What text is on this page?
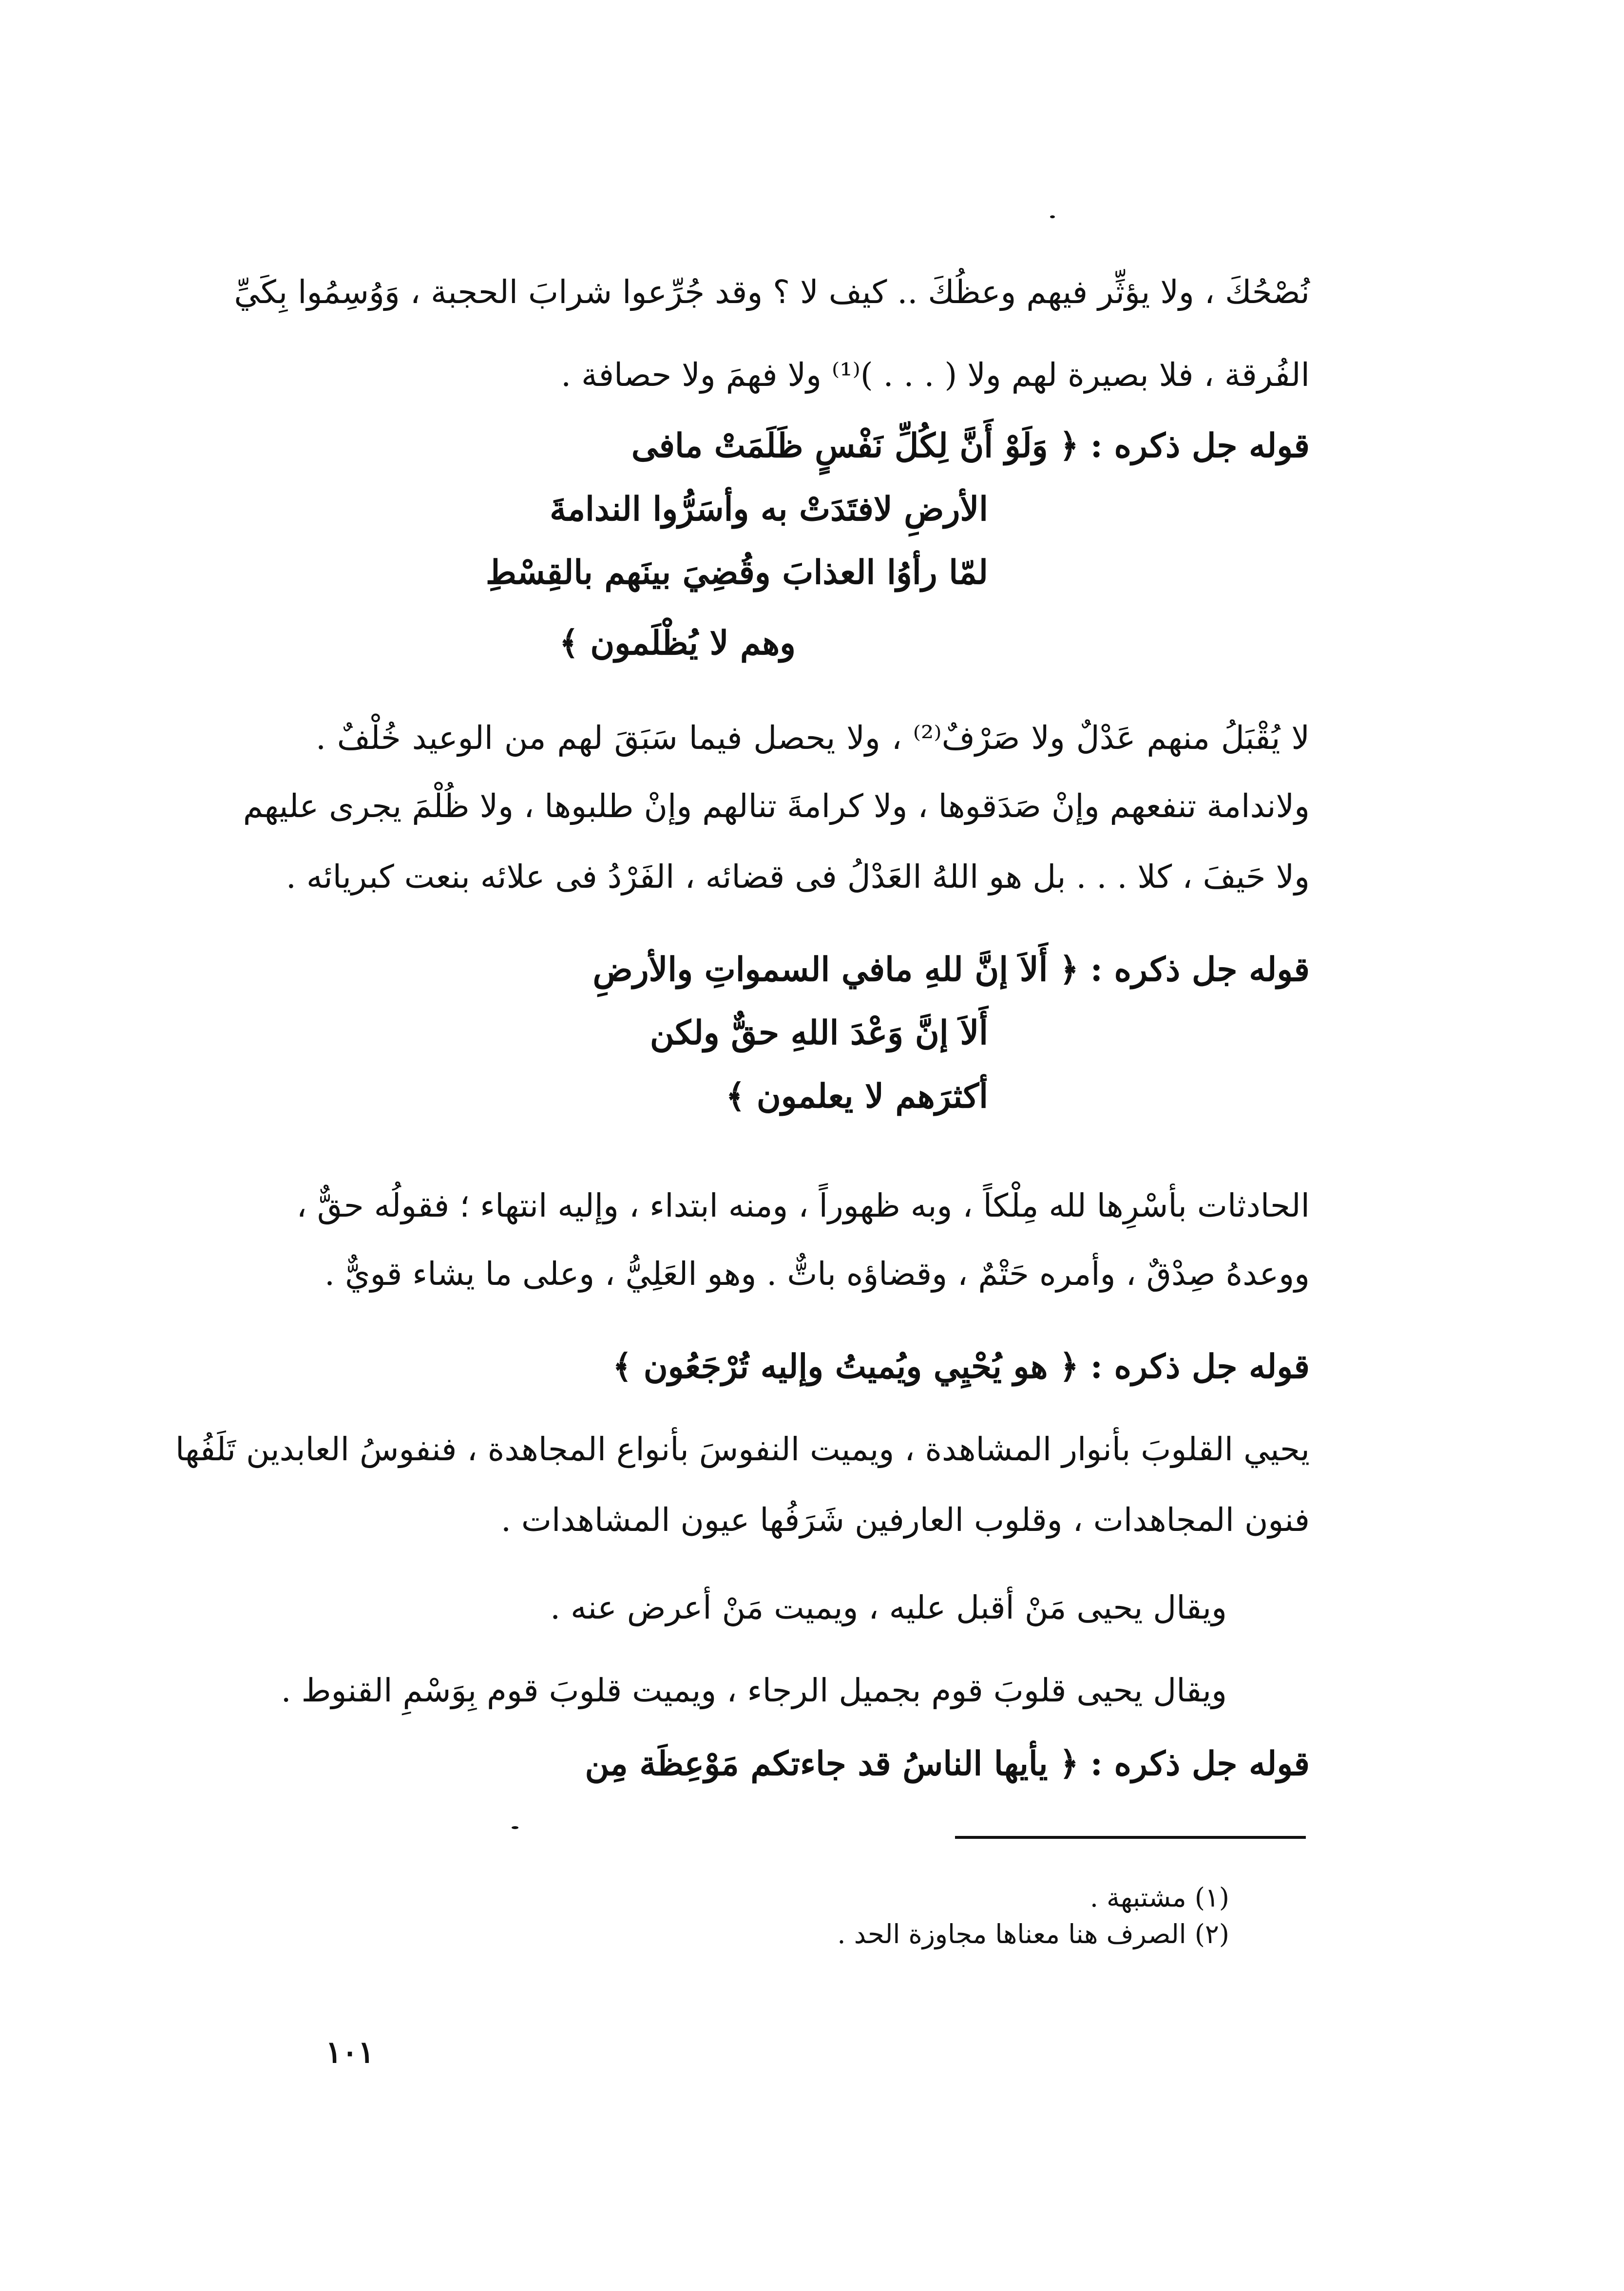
نُصْحُكَ ، ولا يؤثِّر فيهم وعظُكَ .. كيف لا ؟ وقد جُرِّعوا شرابَ الحجبة ، وَوُسِمُوا بِكَيِّ
الفُرقة ، فلا بصيرة لهم ولا ( . . . )⁽¹⁾ ولا فهمَ ولا حصافة .
قوله جل ذكره : ﴿ وَلَوْ أَنَّ لِكُلِّ نَفْسٍ ظَلَمَتْ مافى
الأرضِ لافتَدَتْ به وأسَرُّوا الندامةَ
لمّا رأوُا العذابَ وقُضِيَ بينَهم بالقِسْطِ
وهم لا يُظْلَمون ﴾
لا يُقْبَلُ منهم عَدْلٌ ولا صَرْفٌ⁽²⁾ ، ولا يحصل فيما سَبَقَ لهم من الوعيد خُلْفٌ .
ولاندامة تنفعهم وإنْ صَدَقوها ، ولا كرامةَ تنالهم وإنْ طلبوها ، ولا ظُلْمَ يجرى عليهم
ولا حَيفَ ، كلا . . . بل هو اللهُ العَدْلُ فى قضائه ، الفَرْدُ فى علائه بنعت كبريائه .
قوله جل ذكره : ﴿ أَلاَ إنَّ للهِ مافي السمواتِ والأرضِ
أَلاَ إنَّ وَعْدَ اللهِ حقٌّ ولكن
أكثرَهم لا يعلمون ﴾
الحادثات بأسْرِها لله مِلْكاً ، وبه ظهوراً ، ومنه ابتداء ، وإليه انتهاء ؛ فقولُه حقٌّ ،
ووعدهُ صِدْقٌ ، وأمره حَتْمٌ ، وقضاؤه باتٌّ . وهو العَلِيُّ ، وعلى ما يشاء قويٌّ .
قوله جل ذكره : ﴿ هو يُحْيِي ويُميتُ وإليه تُرْجَعُون ﴾
يحيي القلوبَ بأنوار المشاهدة ، ويميت النفوسَ بأنواع المجاهدة ، فنفوسُ العابدين تَلَفُها
فنون المجاهدات ، وقلوب العارفين شَرَفُها عيون المشاهدات .
ويقال يحيى مَنْ أقبل عليه ، ويميت مَنْ أعرض عنه .
ويقال يحيى قلوبَ قوم بجميل الرجاء ، ويميت قلوبَ قوم بِوَسْمِ القنوط .
قوله جل ذكره : ﴿ يأيها الناسُ قد جاءتكم مَوْعِظَة مِن
(١) مشتبهة .
(٢) الصرف هنا معناها مجاوزة الحد .
١٠١
